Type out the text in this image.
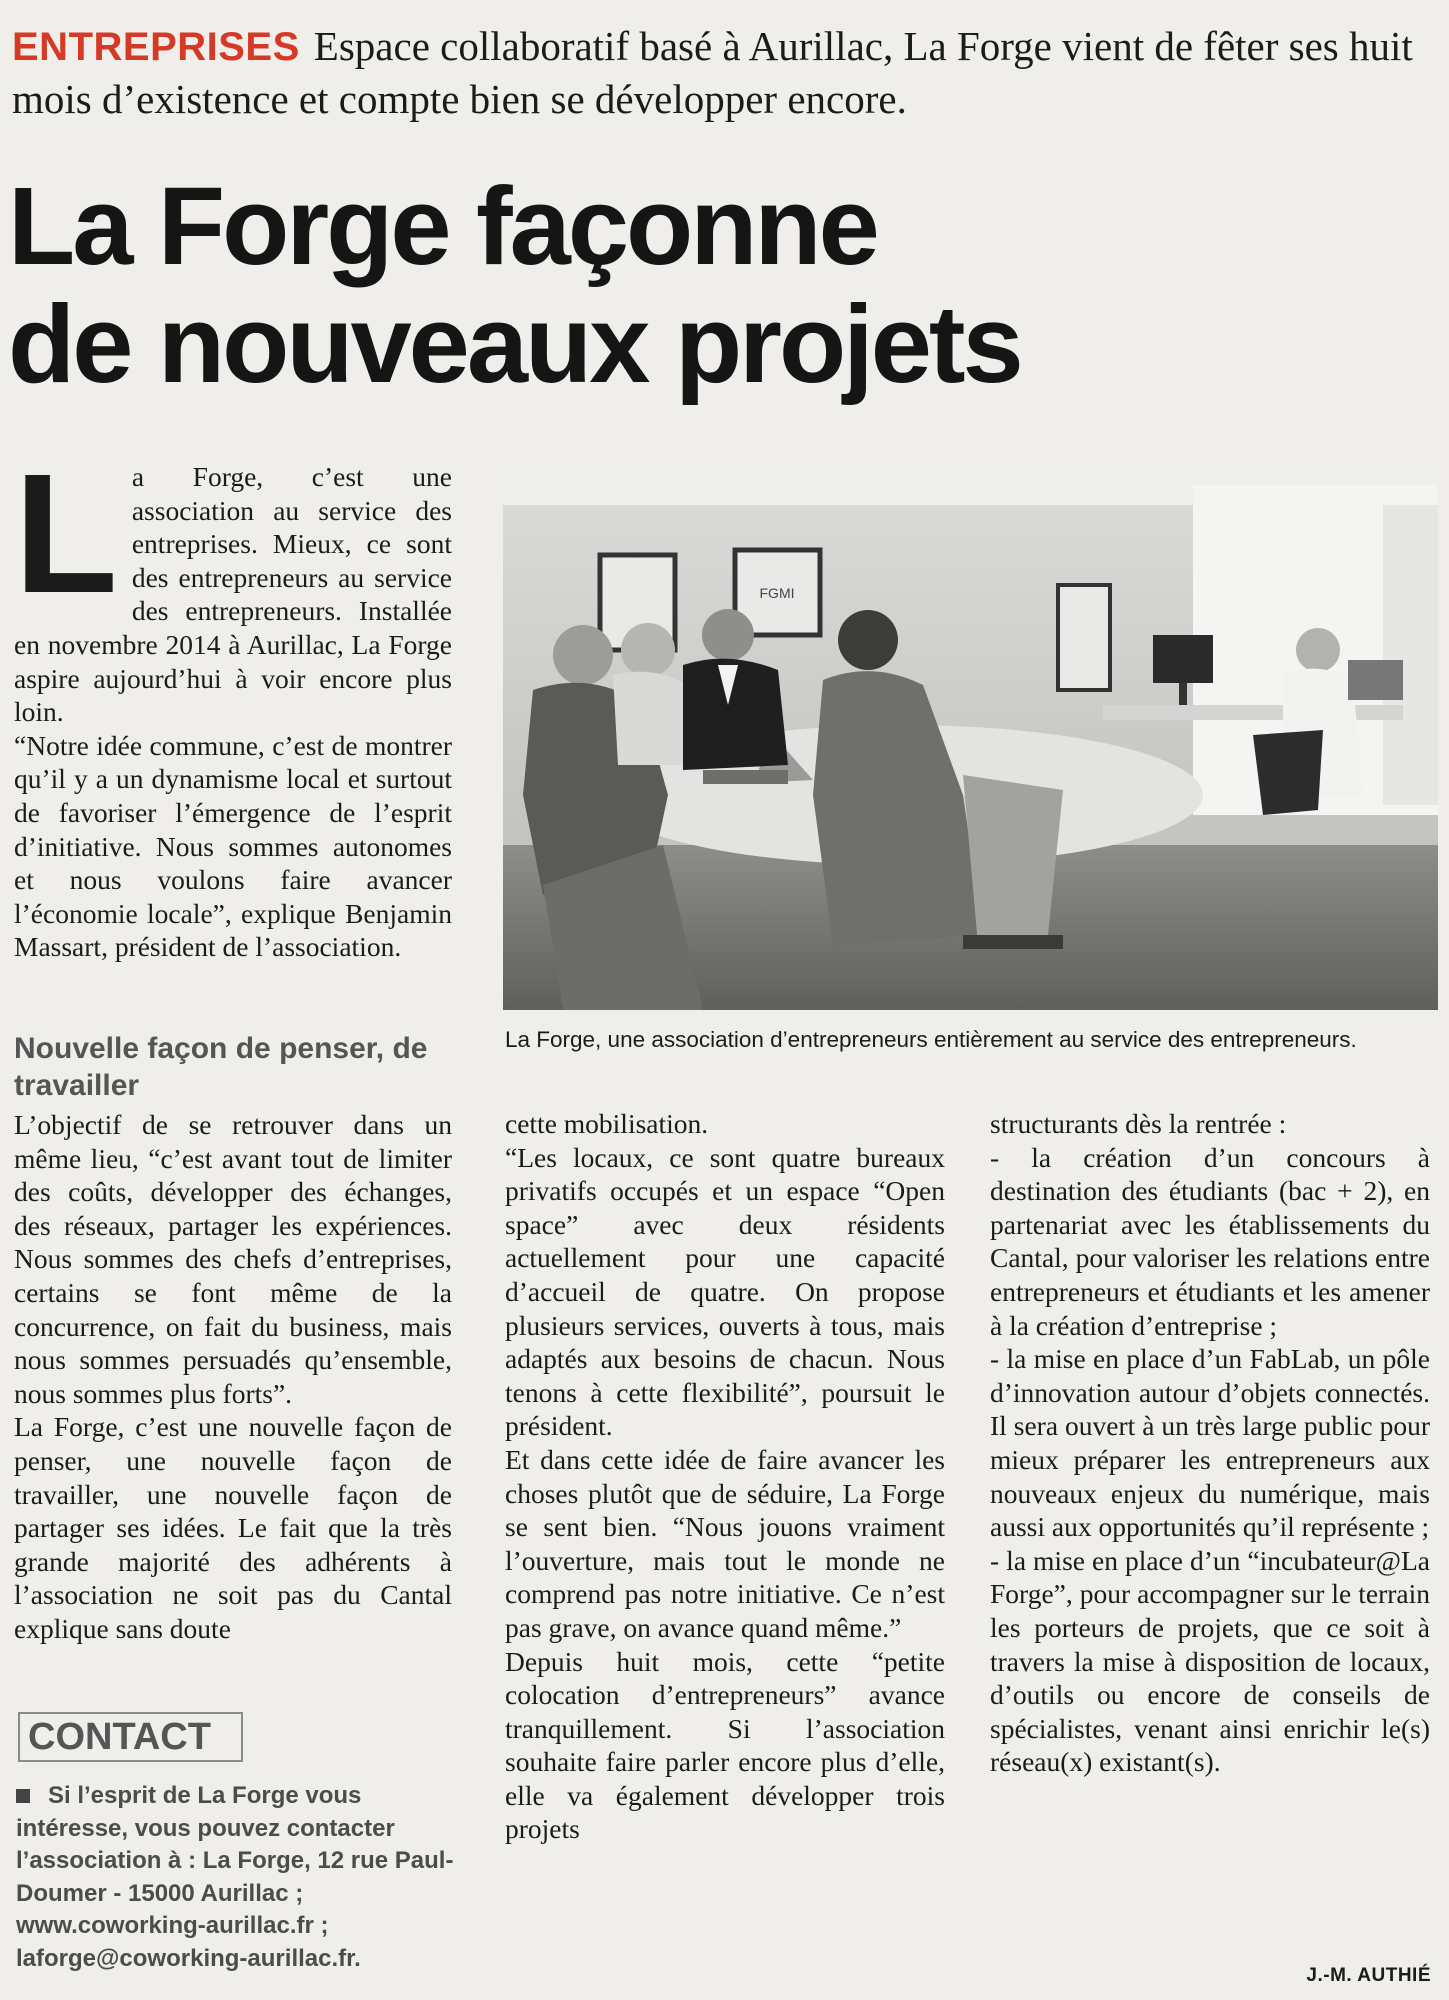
ENTREPRISES Espace collaboratif basé à Aurillac, La Forge vient de fêter ses huit mois d’existence et compte bien se développer encore.
La Forge façonne
de nouveaux projets
L a Forge, c’est une association au service des entreprises. Mieux, ce sont des entrepreneurs au service des entrepreneurs. Installée en novembre 2014 à Aurillac, La Forge aspire aujourd’hui à voir encore plus loin.

“Notre idée commune, c’est de montrer qu’il y a un dynamisme local et surtout de favoriser l’émergence de l’esprit d’initiative. Nous sommes autonomes et nous voulons faire avancer l’économie locale”, explique Benjamin Massart, président de l’association.

FGMI
La Forge, une association d’entrepreneurs entièrement au service des entrepreneurs.
Nouvelle façon de penser, de travailler

L’objectif de se retrouver dans un même lieu, “c’est avant tout de limiter des coûts, développer des échanges, des réseaux, partager les expériences. Nous sommes des chefs d’entreprises, certains se font même de la concurrence, on fait du business, mais nous sommes persuadés qu’ensemble, nous sommes plus forts”.

La Forge, c’est une nouvelle façon de penser, une nouvelle façon de travailler, une nouvelle façon de partager ses idées. Le fait que la très grande majorité des adhérents à l’association ne soit pas du Cantal explique sans doute

cette mobilisation.

“Les locaux, ce sont quatre bureaux privatifs occupés et un espace “Open space” avec deux résidents actuellement pour une capacité d’accueil de quatre. On propose plusieurs services, ouverts à tous, mais adaptés aux besoins de chacun. Nous tenons à cette flexibilité”, poursuit le président.

Et dans cette idée de faire avancer les choses plutôt que de séduire, La Forge se sent bien. “Nous jouons vraiment l’ouverture, mais tout le monde ne comprend pas notre initiative. Ce n’est pas grave, on avance quand même.”

Depuis huit mois, cette “petite colocation d’entrepreneurs” avance tranquillement. Si l’association souhaite faire parler encore plus d’elle, elle va également développer trois projets

structurants dès la rentrée :

- la création d’un concours à destination des étudiants (bac + 2), en partenariat avec les établissements du Cantal, pour valoriser les relations entre entrepreneurs et étudiants et les amener à la création d’entreprise ;

- la mise en place d’un FabLab, un pôle d’innovation autour d’objets connectés. Il sera ouvert à un très large public pour mieux préparer les entrepreneurs aux nouveaux enjeux du numérique, mais aussi aux opportunités qu’il représente ;

- la mise en place d’un “incubateur@La Forge”, pour accompagner sur le terrain les porteurs de projets, que ce soit à travers la mise à disposition de locaux, d’outils ou encore de conseils de spécialistes, venant ainsi enrichir le(s) réseau(x) existant(s).

CONTACT
Si l’esprit de La Forge vous intéresse, vous pouvez contacter l’association à : La Forge, 12 rue Paul-Doumer - 15000 Aurillac ; www.coworking-aurillac.fr ; laforge@coworking-aurillac.fr.
J.-M. AUTHIÉ
